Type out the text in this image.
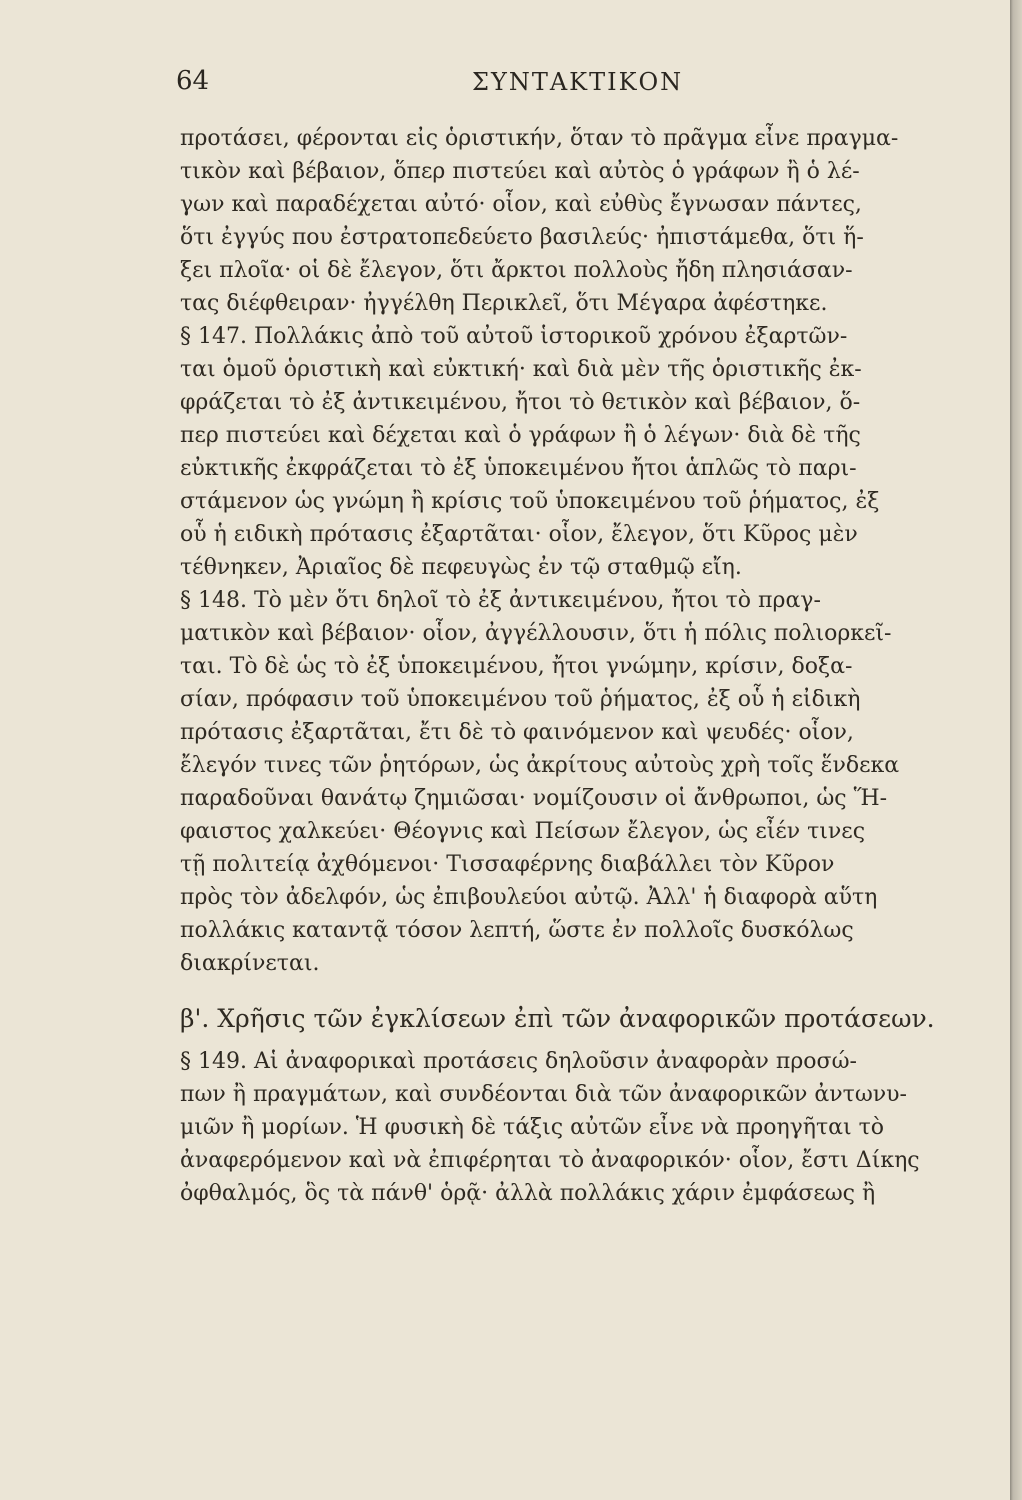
64	ΣΥΝΤΑΚΤΙΚΟΝ
προτάσει, φέρονται εἰς ὁριστικήν, ὅταν τὸ πρᾶγμα εἶνε πραγμα-
τικὸν καὶ βέβαιον, ὅπερ πιστεύει καὶ αὐτὸς ὁ γράφων ἢ ὁ λέ-
γων καὶ παραδέχεται αὐτό· οἷον, καὶ εὐθὺς ἔγνωσαν πάντες,
ὅτι ἐγγύς που ἐστρατοπεδεύετο βασιλεύς· ἠπιστάμεθα, ὅτι ἥ-
ξει πλοῖα· οἱ δὲ ἔλεγον, ὅτι ἄρκτοι πολλοὺς ἤδη πλησιάσαν-
τας διέφθειραν· ἠγγέλθη Περικλεῖ, ὅτι Μέγαρα ἀφέστηκε.
§ 147. Πολλάκις ἀπὸ τοῦ αὐτοῦ ἱστορικοῦ χρόνου ἐξαρτῶν-
ται ὁμοῦ ὁριστικὴ καὶ εὐκτική· καὶ διὰ μὲν τῆς ὁριστικῆς ἐκ-
φράζεται τὸ ἐξ ἀντικειμένου, ἤτοι τὸ θετικὸν καὶ βέβαιον, ὅ-
περ πιστεύει καὶ δέχεται καὶ ὁ γράφων ἢ ὁ λέγων· διὰ δὲ τῆς
εὐκτικῆς ἐκφράζεται τὸ ἐξ ὑποκειμένου ἤτοι ἁπλῶς τὸ παρι-
στάμενον ὡς γνώμη ἢ κρίσις τοῦ ὑποκειμένου τοῦ ῥήματος, ἐξ
οὗ ἡ ειδικὴ πρότασις ἐξαρτᾶται· οἷον, ἔλεγον, ὅτι Κῦρος μὲν
τέθνηκεν, Ἀριαῖος δὲ πεφευγὼς ἐν τῷ σταθμῷ εἴη.
§ 148. Τὸ μὲν ὅτι δηλοῖ τὸ ἐξ ἀντικειμένου, ἤτοι τὸ πραγ-
ματικὸν καὶ βέβαιον· οἷον, ἀγγέλλουσιν, ὅτι ἡ πόλις πολιορκεῖ-
ται. Τὸ δὲ ὡς τὸ ἐξ ὑποκειμένου, ἤτοι γνώμην, κρίσιν, δοξα-
σίαν, πρόφασιν τοῦ ὑποκειμένου τοῦ ῥήματος, ἐξ οὗ ἡ εἰδικὴ
πρότασις ἐξαρτᾶται, ἔτι δὲ τὸ φαινόμενον καὶ ψευδές· οἷον,
ἔλεγόν τινες τῶν ῥητόρων, ὡς ἀκρίτους αὐτοὺς χρὴ τοῖς ἕνδεκα
παραδοῦναι θανάτῳ ζημιῶσαι· νομίζουσιν οἱ ἄνθρωποι, ὡς Ἥ-
φαιστος χαλκεύει· Θέογνις καὶ Πείσων ἔλεγον, ὡς εἶέν τινες
τῇ πολιτείᾳ ἀχθόμενοι· Τισσαφέρνης διαβάλλει τὸν Κῦρον
πρὸς τὸν ἀδελφόν, ὡς ἐπιβουλεύοι αὐτῷ. Ἀλλ' ἡ διαφορὰ αὕτη
πολλάκις καταντᾷ τόσον λεπτή, ὥστε ἐν πολλοῖς δυσκόλως
διακρίνεται.
β'. Χρῆσις τῶν ἐγκλίσεων ἐπὶ τῶν ἀναφορικῶν προτάσεων.
§ 149. Αἱ ἀναφορικαὶ προτάσεις δηλοῦσιν ἀναφορὰν προσώ-
πων ἢ πραγμάτων, καὶ συνδέονται διὰ τῶν ἀναφορικῶν ἀντωνυ-
μιῶν ἢ μορίων. Ἡ φυσικὴ δὲ τάξις αὐτῶν εἶνε νὰ προηγῆται τὸ
ἀναφερόμενον καὶ νὰ ἐπιφέρηται τὸ ἀναφορικόν· οἷον, ἔστι Δίκης
ὀφθαλμός, ὃς τὰ πάνθ' ὁρᾷ· ἀλλὰ πολλάκις χάριν ἐμφάσεως ἢ
